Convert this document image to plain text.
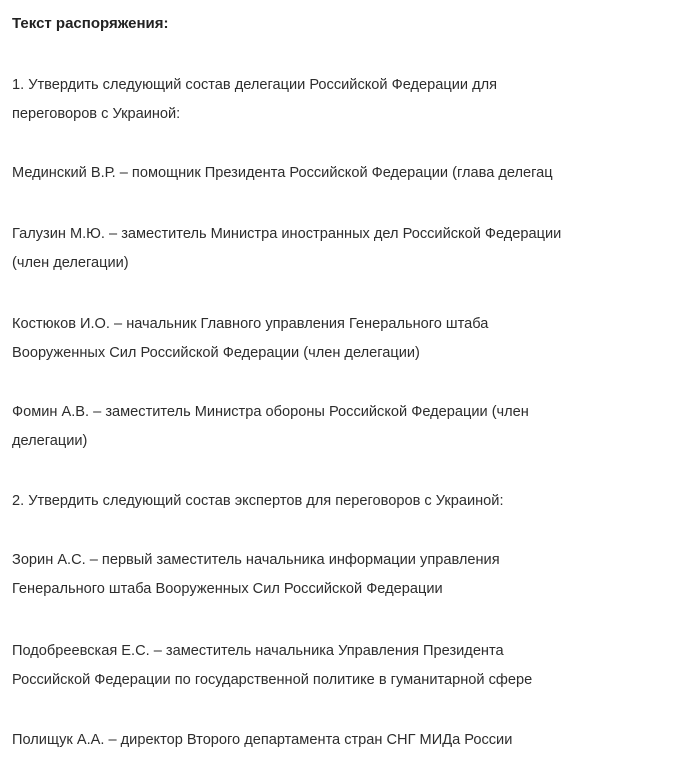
Текст распоряжения:
1. Утвердить следующий состав делегации Российской Федерации для
переговоров с Украиной:
Мединский В.Р. – помощник Президента Российской Федерации (глава делегац
Галузин М.Ю. – заместитель Министра иностранных дел Российской Федерации
(член делегации)
Костюков И.О. – начальник Главного управления Генерального штаба
Вооруженных Сил Российской Федерации (член делегации)
Фомин А.В. – заместитель Министра обороны Российской Федерации (член
делегации)
2. Утвердить следующий состав экспертов для переговоров с Украиной:
Зорин А.С. – первый заместитель начальника информации управления
Генерального штаба Вооруженных Сил Российской Федерации
Подобреевская Е.С. – заместитель начальника Управления Президента
Российской Федерации по государственной политике в гуманитарной сфере
Полищук А.А. – директор Второго департамента стран СНГ МИДа России
